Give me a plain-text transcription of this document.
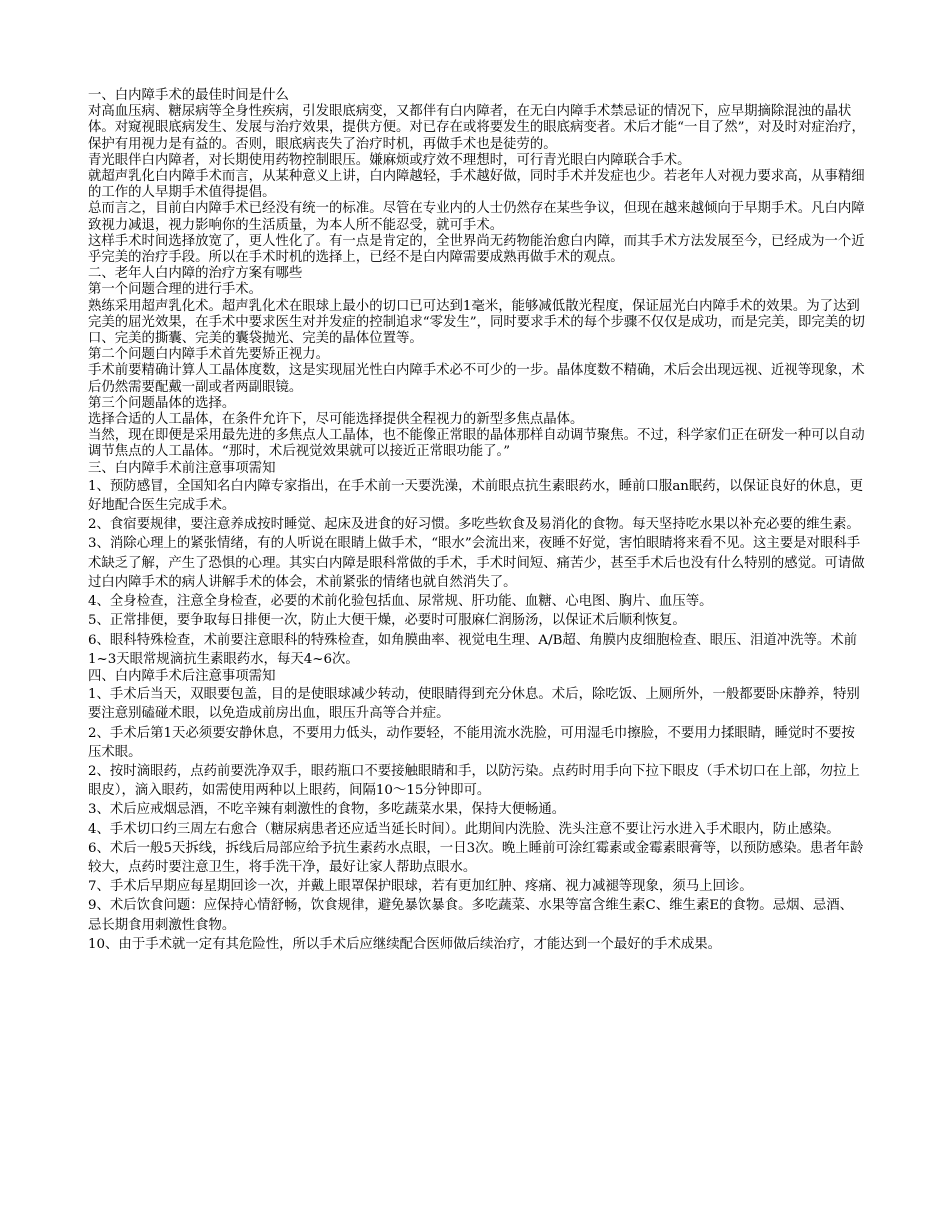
一、白内障手术的最佳时间是什么

对高血压病、糖尿病等全身性疾病，引发眼底病变，又都伴有白内障者，在无白内障手术禁忌证的情况下，应早期摘除混浊的晶状体。对窥视眼底病发生、发展与治疗效果，提供方便。对已存在或将要发生的眼底病变者。术后才能“一目了然”，对及时对症治疗，保护有用视力是有益的。否则，眼底病丧失了治疗时机，再做手术也是徒劳的。

青光眼伴白内障者，对长期使用药物控制眼压。嫌麻烦或疗效不理想时，可行青光眼白内障联合手术。

就超声乳化白内障手术而言，从某种意义上讲，白内障越轻，手术越好做，同时手术并发症也少。若老年人对视力要求高，从事精细的工作的人早期手术值得提倡。

总而言之，目前白内障手术已经没有统一的标准。尽管在专业内的人士仍然存在某些争议，但现在越来越倾向于早期手术。凡白内障致视力减退，视力影响你的生活质量，为本人所不能忍受，就可手术。

这样手术时间选择放宽了，更人性化了。有一点是肯定的，全世界尚无药物能治愈白内障，而其手术方法发展至今，已经成为一个近乎完美的治疗手段。所以在手术时机的选择上，已经不是白内障需要成熟再做手术的观点。

二、老年人白内障的治疗方案有哪些

第一个问题合理的进行手术。

熟练采用超声乳化术。超声乳化术在眼球上最小的切口已可达到1毫米，能够减低散光程度，保证屈光白内障手术的效果。为了达到完美的屈光效果，在手术中要求医生对并发症的控制追求“零发生”，同时要求手术的每个步骤不仅仅是成功，而是完美，即完美的切口、完美的撕囊、完美的囊袋抛光、完美的晶体位置等。

第二个问题白内障手术首先要矫正视力。

手术前要精确计算人工晶体度数，这是实现屈光性白内障手术必不可少的一步。晶体度数不精确，术后会出现远视、近视等现象，术后仍然需要配戴一副或者两副眼镜。

第三个问题晶体的选择。

选择合适的人工晶体，在条件允许下，尽可能选择提供全程视力的新型多焦点晶体。

当然，现在即便是采用最先进的多焦点人工晶体，也不能像正常眼的晶体那样自动调节聚焦。不过，科学家们正在研发一种可以自动调节焦点的人工晶体。“那时，术后视觉效果就可以接近正常眼功能了。”

三、白内障手术前注意事项需知

1、预防感冒，全国知名白内障专家指出，在手术前一天要洗澡，术前眼点抗生素眼药水，睡前口服an眠药，以保证良好的休息，更好地配合医生完成手术。

2、食宿要规律，要注意养成按时睡觉、起床及进食的好习惯。多吃些软食及易消化的食物。每天坚持吃水果以补充必要的维生素。

3、消除心理上的紧张情绪，有的人听说在眼睛上做手术，“眼水”会流出来，夜睡不好觉，害怕眼睛将来看不见。这主要是对眼科手术缺乏了解，产生了恐惧的心理。其实白内障是眼科常做的手术，手术时间短、痛苦少，甚至手术后也没有什么特别的感觉。可请做过白内障手术的病人讲解手术的体会，术前紧张的情绪也就自然消失了。

4、全身检查，注意全身检查，必要的术前化验包括血、尿常规、肝功能、血糖、心电图、胸片、血压等。

5、正常排便，要争取每日排便一次，防止大便干燥，必要时可服麻仁润肠汤，以保证术后顺利恢复。

6、眼科特殊检查，术前要注意眼科的特殊检查，如角膜曲率、视觉电生理、A/B超、角膜内皮细胞检查、眼压、泪道冲洗等。术前1~3天眼常规滴抗生素眼药水，每天4~6次。

四、白内障手术后注意事项需知

1、手术后当天，双眼要包盖，目的是使眼球减少转动，使眼睛得到充分休息。术后，除吃饭、上厕所外，一般都要卧床静养，特别要注意别磕碰术眼，以免造成前房出血，眼压升高等合并症。

2、手术后第1天必须要安静休息，不要用力低头，动作要轻，不能用流水洗脸，可用湿毛巾擦脸，不要用力揉眼睛，睡觉时不要按压术眼。

2、按时滴眼药，点药前要洗净双手，眼药瓶口不要接触眼睛和手，以防污染。点药时用手向下拉下眼皮（手术切口在上部，勿拉上眼皮），滴入眼药，如需使用两种以上眼药，间隔10～15分钟即可。

3、术后应戒烟忌酒，不吃辛辣有刺激性的食物，多吃蔬菜水果，保持大便畅通。

4、手术切口约三周左右愈合（糖尿病患者还应适当延长时间）。此期间内洗脸、洗头注意不要让污水进入手术眼内，防止感染。

6、术后一般5天拆线，拆线后局部应给予抗生素药水点眼，一日3次。晚上睡前可涂红霉素或金霉素眼膏等，以预防感染。患者年龄较大，点药时要注意卫生，将手洗干净，最好让家人帮助点眼水。

7、手术后早期应每星期回诊一次，并戴上眼罩保护眼球，若有更加红肿、疼痛、视力减褪等现象，须马上回诊。

9、术后饮食问题：应保持心情舒畅，饮食规律，避免暴饮暴食。多吃蔬菜、水果等富含维生素C、维生素E的食物。忌烟、忌酒、忌长期食用刺激性食物。

10、由于手术就一定有其危险性，所以手术后应继续配合医师做后续治疗，才能达到一个最好的手术成果。
